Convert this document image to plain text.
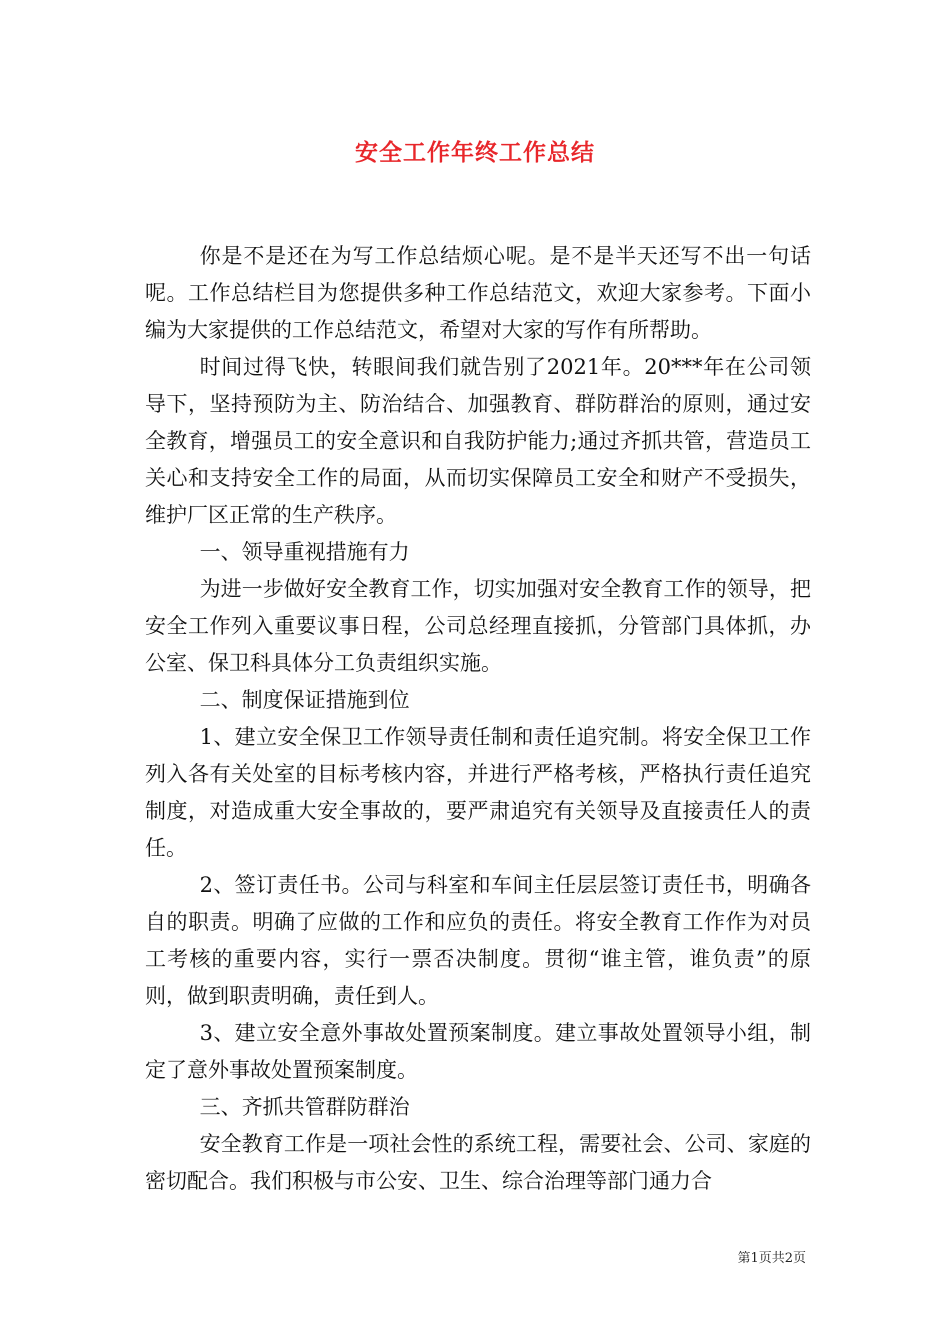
安全工作年终工作总结

你是不是还在为写工作总结烦心呢。是不是半天还写不出一句话呢。工作总结栏目为您提供多种工作总结范文，欢迎大家参考。下面小编为大家提供的工作总结范文，希望对大家的写作有所帮助。

时间过得飞快，转眼间我们就告别了2021年。20***年在公司领导下，坚持预防为主、防治结合、加强教育、群防群治的原则，通过安全教育，增强员工的安全意识和自我防护能力;通过齐抓共管，营造员工关心和支持安全工作的局面，从而切实保障员工安全和财产不受损失，维护厂区正常的生产秩序。

一、领导重视措施有力

为进一步做好安全教育工作，切实加强对安全教育工作的领导，把安全工作列入重要议事日程，公司总经理直接抓，分管部门具体抓，办公室、保卫科具体分工负责组织实施。

二、制度保证措施到位

1、建立安全保卫工作领导责任制和责任追究制。将安全保卫工作列入各有关处室的目标考核内容，并进行严格考核，严格执行责任追究制度，对造成重大安全事故的，要严肃追究有关领导及直接责任人的责任。

2、签订责任书。公司与科室和车间主任层层签订责任书，明确各自的职责。明确了应做的工作和应负的责任。将安全教育工作作为对员工考核的重要内容，实行一票否决制度。贯彻“谁主管，谁负责”的原则，做到职责明确，责任到人。

3、建立安全意外事故处置预案制度。建立事故处置领导小组，制定了意外事故处置预案制度。

三、齐抓共管群防群治

安全教育工作是一项社会性的系统工程，需要社会、公司、家庭的密切配合。我们积极与市公安、卫生、综合治理等部门通力合

第1页共2页
